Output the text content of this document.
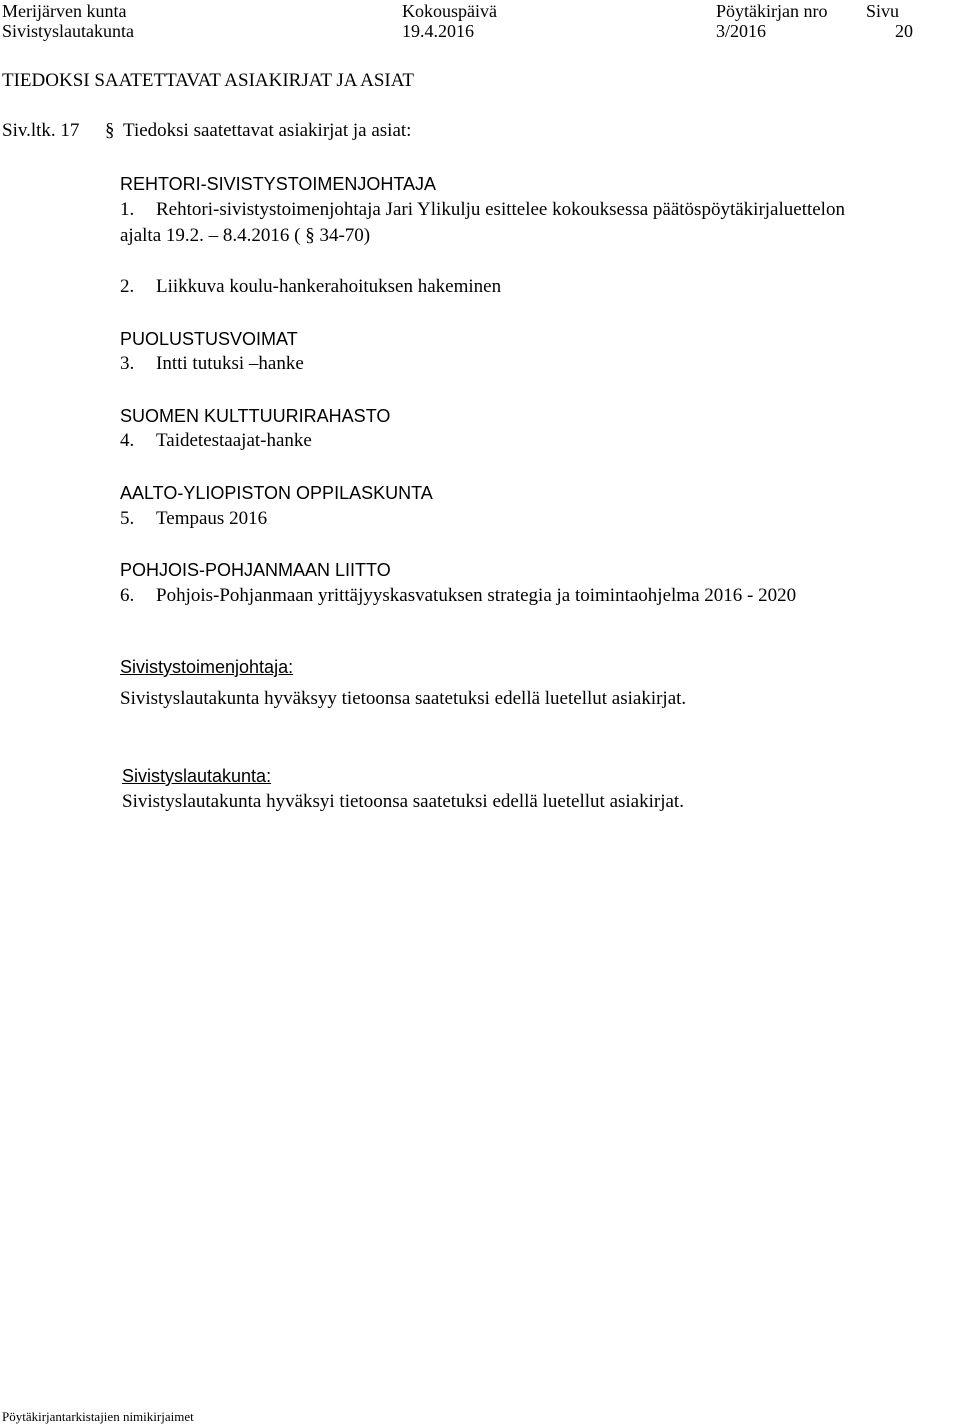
Merijärven kunta
Sivistyslautakunta
Kokouspäivä
19.4.2016
Pöytäkirjan nro
3/2016
Sivu
20
TIEDOKSI SAATETTAVAT ASIAKIRJAT JA ASIAT
Siv.ltk. 17 § Tiedoksi saatettavat asiakirjat ja asiat:
REHTORI-SIVISTYSTOIMENJOHTAJA
1. Rehtori-sivistystoimenjohtaja Jari Ylikulju esittelee kokouksessa päätöspöytäkirjaluettelon
ajalta 19.2. – 8.4.2016 ( § 34-70)
2. Liikkuva koulu-hankerahoituksen hakeminen
PUOLUSTUSVOIMAT
3. Intti tutuksi –hanke
SUOMEN KULTTUURIRAHASTO
4. Taidetestaajat-hanke
AALTO-YLIOPISTON OPPILASKUNTA
5. Tempaus 2016
POHJOIS-POHJANMAAN LIITTO
6. Pohjois-Pohjanmaan yrittäjyyskasvatuksen strategia ja toimintaohjelma 2016 - 2020
Sivistystoimenjohtaja:
Sivistyslautakunta hyväksyy tietoonsa saatetuksi edellä luetellut asiakirjat.
Sivistyslautakunta:
Sivistyslautakunta hyväksyi tietoonsa saatetuksi edellä luetellut asiakirjat.
Pöytäkirjantarkistajien nimikirjaimet
